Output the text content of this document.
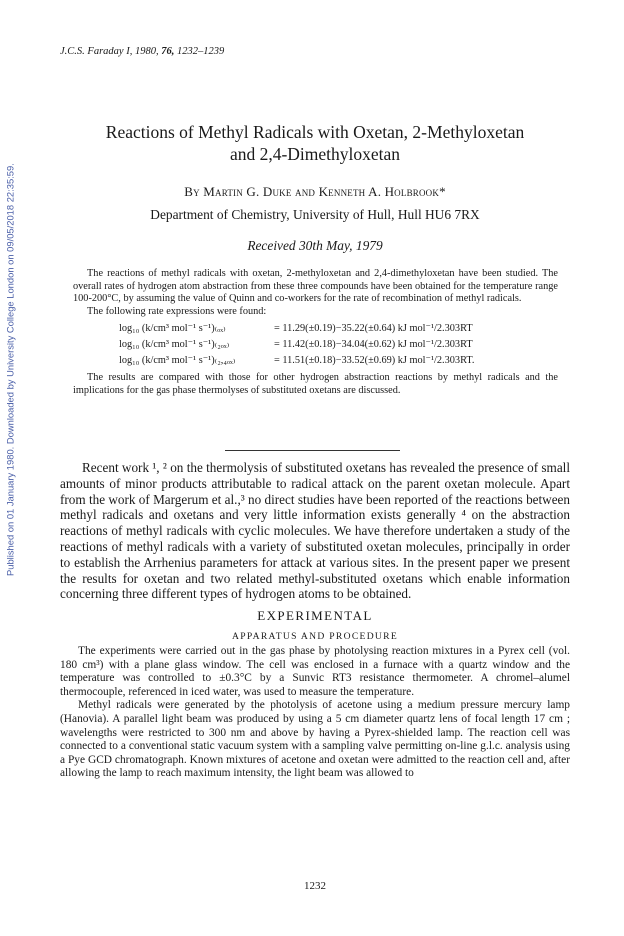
Published on 01 January 1980. Downloaded by University College London on 09/05/2018 22:35:59.
J.C.S. Faraday I, 1980, 76, 1232–1239
Reactions of Methyl Radicals with Oxetan, 2-Methyloxetan
and 2,4-Dimethyloxetan
By Martin G. Duke and Kenneth A. Holbrook*
Department of Chemistry, University of Hull, Hull HU6 7RX
Received 30th May, 1979

The reactions of methyl radicals with oxetan, 2-methyloxetan and 2,4-dimethyloxetan have been studied. The overall rates of hydrogen atom abstraction from these three compounds have been obtained for the temperature range 100-200°C, by assuming the value of Quinn and co-workers for the rate of recombination of methyl radicals.

The following rate expressions were found:

log₁₀ (k/cm³ mol⁻¹ s⁻¹)₍ₒₓ₎	= 11.29(±0.19)−35.22(±0.64) kJ mol⁻¹/2.303RT
log₁₀ (k/cm³ mol⁻¹ s⁻¹)₍₂ₒₓ₎	= 11.42(±0.18)−34.04(±0.62) kJ mol⁻¹/2.303RT
log₁₀ (k/cm³ mol⁻¹ s⁻¹)₍₂,₄ₒₓ₎	= 11.51(±0.18)−33.52(±0.69) kJ mol⁻¹/2.303RT.

The results are compared with those for other hydrogen abstraction reactions by methyl radicals and the implications for the gas phase thermolyses of substituted oxetans are discussed.

Recent work ¹, ² on the thermolysis of substituted oxetans has revealed the presence of small amounts of minor products attributable to radical attack on the parent oxetan molecule. Apart from the work of Margerum et al.,³ no direct studies have been reported of the reactions between methyl radicals and oxetans and very little information exists generally ⁴ on the abstraction reactions of methyl radicals with cyclic molecules. We have therefore undertaken a study of the reactions of methyl radicals with a variety of substituted oxetan molecules, principally in order to establish the Arrhenius parameters for attack at various sites. In the present paper we present the results for oxetan and two related methyl-substituted oxetans which enable information concerning three different types of hydrogen atoms to be obtained.

EXPERIMENTAL
APPARATUS AND PROCEDURE

The experiments were carried out in the gas phase by photolysing reaction mixtures in a Pyrex cell (vol. 180 cm³) with a plane glass window. The cell was enclosed in a furnace with a quartz window and the temperature was controlled to ±0.3°C by a Sunvic RT3 resistance thermometer. A chromel–alumel thermocouple, referenced in iced water, was used to measure the temperature.

Methyl radicals were generated by the photolysis of acetone using a medium pressure mercury lamp (Hanovia). A parallel light beam was produced by using a 5 cm diameter quartz lens of focal length 17 cm ; wavelengths were restricted to 300 nm and above by having a Pyrex-shielded lamp. The reaction cell was connected to a conventional static vacuum system with a sampling valve permitting on-line g.l.c. analysis using a Pye GCD chromatograph. Known mixtures of acetone and oxetan were admitted to the reaction cell and, after allowing the lamp to reach maximum intensity, the light beam was allowed to

1232
